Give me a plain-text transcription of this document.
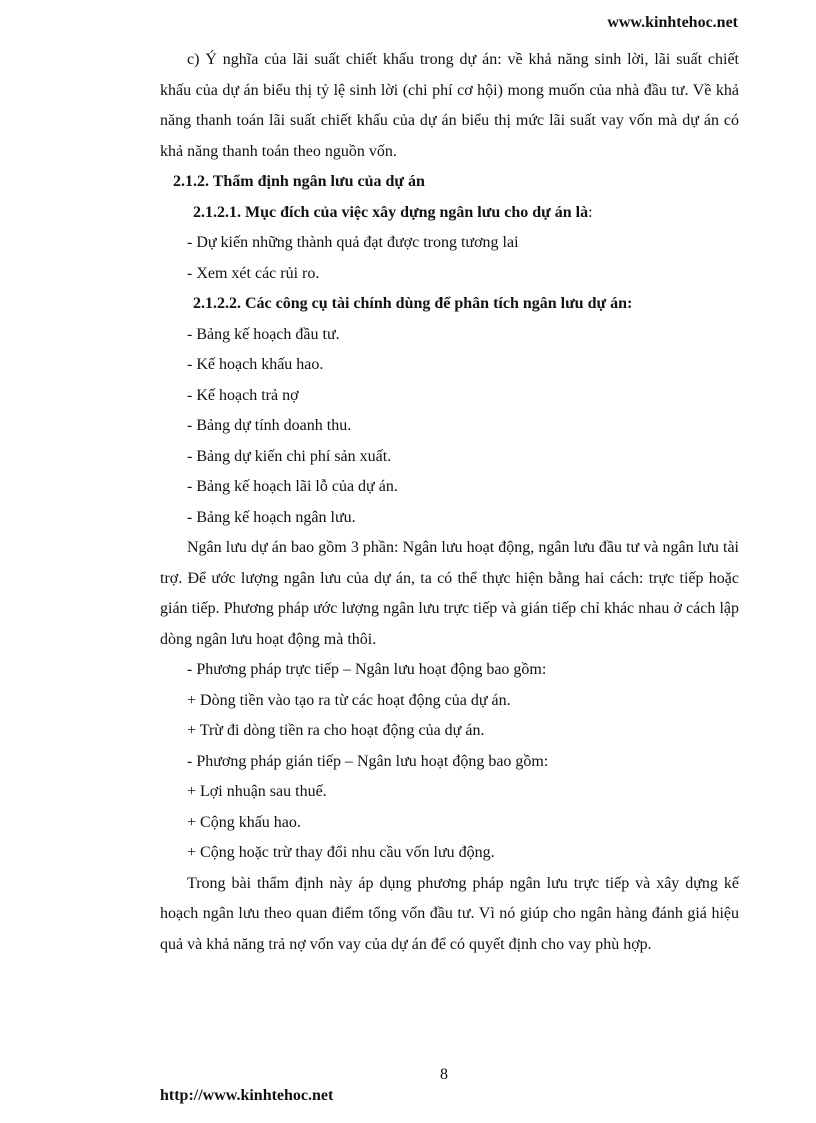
www.kinhtehoc.net

c) Ý nghĩa của lãi suất chiết khấu trong dự án: về khả năng sinh lời, lãi suất chiết khấu của dự án biểu thị tỷ lệ sinh lời (chi phí cơ hội) mong muốn của nhà đầu tư. Về khả năng thanh toán lãi suất chiết khấu của dự án biểu thị mức lãi suất vay vốn mà dự án có khả năng thanh toán theo nguồn vốn.

2.1.2. Thẩm định ngân lưu của dự án

2.1.2.1. Mục đích của việc xây dựng ngân lưu cho dự án là:

- Dự kiến những thành quả đạt được trong tương lai

- Xem xét các rủi ro.

2.1.2.2. Các công cụ tài chính dùng để phân tích ngân lưu dự án:

- Bảng kế hoạch đầu tư.

- Kế hoạch khấu hao.

- Kế hoạch trả nợ

- Bảng dự tính doanh thu.

- Bảng dự kiến chi phí sản xuất.

- Bảng kế hoạch lãi lỗ của dự án.

- Bảng kế hoạch ngân lưu.

Ngân lưu dự án bao gồm 3 phần: Ngân lưu hoạt động, ngân lưu đầu tư và ngân lưu tài trợ. Để ước lượng ngân lưu của dự án, ta có thể thực hiện bằng hai cách: trực tiếp hoặc gián tiếp. Phương pháp ước lượng ngân lưu trực tiếp và gián tiếp chỉ khác nhau ở cách lập dòng ngân lưu hoạt động mà thôi.

- Phương pháp trực tiếp – Ngân lưu hoạt động bao gồm:

+ Dòng tiền vào tạo ra từ các hoạt động của dự án.

+ Trừ đi dòng tiền ra cho hoạt động của dự án.

- Phương pháp gián tiếp – Ngân lưu hoạt động bao gồm:

+ Lợi nhuận sau thuế.

+ Cộng khấu hao.

+ Cộng hoặc trừ thay đổi nhu cầu vốn lưu động.

Trong bài thẩm định này áp dụng phương pháp ngân lưu trực tiếp và xây dựng kế hoạch ngân lưu theo quan điểm tổng vốn đầu tư. Vì nó giúp cho ngân hàng đánh giá hiệu quả và khả năng trả nợ vốn vay của dự án để có quyết định cho vay phù hợp.

8
http://www.kinhtehoc.net
